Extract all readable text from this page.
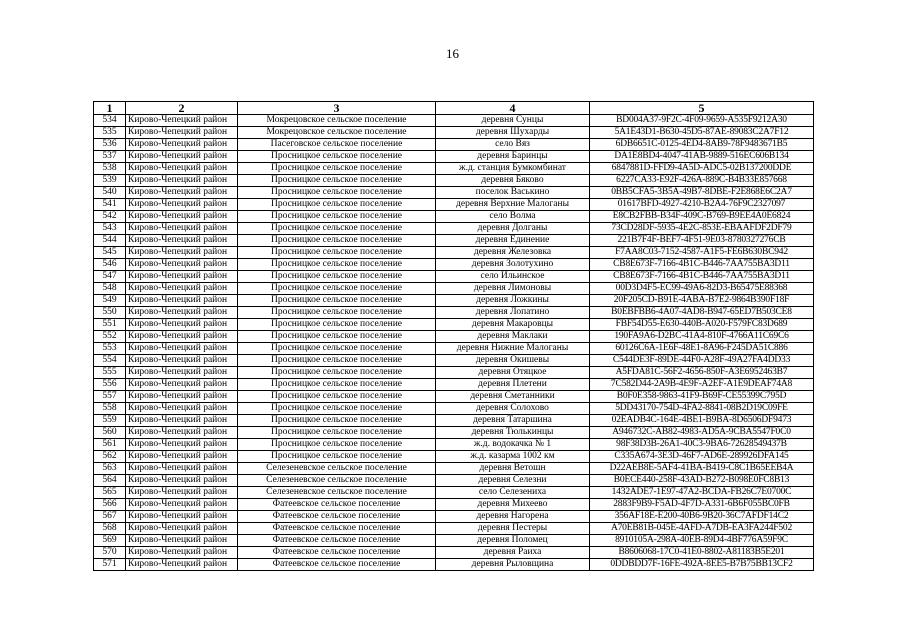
16
1	2	3	4	5
534	Кирово-Чепецкий район	Мокрецовское сельское поселение	деревня Сунцы	BD004A37-9F2C-4F09-9659-A535F9212A30
535	Кирово-Чепецкий район	Мокрецовское сельское поселение	деревня Шухарды	5A1E43D1-B630-45D5-87AE-89083C2A7F12
536	Кирово-Чепецкий район	Пасеговское сельское поселение	село Вяз	6DB6651C-0125-4ED4-8AB9-78F9483671B5
537	Кирово-Чепецкий район	Просницкое сельское поселение	деревня Баринцы	DA1E8BD4-4047-41AB-9889-516EC606B134
538	Кирово-Чепецкий район	Просницкое сельское поселение	ж.д. станция Бумкомбинат	6847881D-FFD9-4A5D-ADC5-02B137200DDE
539	Кирово-Чепецкий район	Просницкое сельское поселение	деревня Бяково	6227CA33-E92F-426A-889C-B4B33E857668
540	Кирово-Чепецкий район	Просницкое сельское поселение	поселок Васькино	0BB5CFA5-3B5A-49B7-8DBE-F2E868E6C2A7
541	Кирово-Чепецкий район	Просницкое сельское поселение	деревня Верхние Малоганы	01617BFD-4927-4210-B2A4-76F9C2327097
542	Кирово-Чепецкий район	Просницкое сельское поселение	село Волма	E8CB2FBB-B34F-409C-B769-B9EE4A0E6824
543	Кирово-Чепецкий район	Просницкое сельское поселение	деревня Долганы	73CD28DF-5935-4E2C-853E-EBAAFDF2DF79
544	Кирово-Чепецкий район	Просницкое сельское поселение	деревня Единение	221B7F4F-BEF7-4F51-9E03-8780327276CB
545	Кирово-Чепецкий район	Просницкое сельское поселение	деревня Железовка	F7AA8C03-7152-4587-A1F5-FE6B630BC942
546	Кирово-Чепецкий район	Просницкое сельское поселение	деревня Золотухино	CB8E673F-7166-4B1C-B446-7AA755BA3D11
547	Кирово-Чепецкий район	Просницкое сельское поселение	село Ильинское	CB8E673F-7166-4B1C-B446-7AA755BA3D11
548	Кирово-Чепецкий район	Просницкое сельское поселение	деревня Лимоновы	00D3D4F5-EC99-49A6-82D3-B65475E88368
549	Кирово-Чепецкий район	Просницкое сельское поселение	деревня Ложкины	20F205CD-B91E-4ABA-B7E2-9864B390F18F
550	Кирово-Чепецкий район	Просницкое сельское поселение	деревня Лопатино	B0EBFBB6-4A07-4AD8-B947-65ED7B503CE8
551	Кирово-Чепецкий район	Просницкое сельское поселение	деревня Макаровцы	FBF54D55-E630-440B-A020-F579FC83D689
552	Кирово-Чепецкий район	Просницкое сельское поселение	деревня Маклаки	190FA9A6-D2BC-41A4-810F-4766A11C69C6
553	Кирово-Чепецкий район	Просницкое сельское поселение	деревня Нижние Малоганы	60126C6A-1E6F-48E1-8A96-F245DA51C886
554	Кирово-Чепецкий район	Просницкое сельское поселение	деревня Окишевы	C544DE3F-89DE-44F0-A28F-49A27FA4DD33
555	Кирово-Чепецкий район	Просницкое сельское поселение	деревня Отяцкое	A5FDA81C-56F2-4656-850F-A3E6952463B7
556	Кирово-Чепецкий район	Просницкое сельское поселение	деревня Плетени	7C582D44-2A9B-4E9F-A2EF-A1E9DEAF74A8
557	Кирово-Чепецкий район	Просницкое сельское поселение	деревня Сметанники	B0F0E358-9863-41F9-B69F-CE55399C795D
558	Кирово-Чепецкий район	Просницкое сельское поселение	деревня Солохово	5DD43170-754D-4FA2-8841-08B2D19C09FE
559	Кирово-Чепецкий район	Просницкое сельское поселение	деревня Татаршина	02EADB4C-164E-4BE1-B9BA-8D6506DF9473
560	Кирово-Чепецкий район	Просницкое сельское поселение	деревня Тюлькинцы	A946732C-AB82-4983-AD5A-9CBA5547F0C0
561	Кирово-Чепецкий район	Просницкое сельское поселение	ж.д. водокачка № 1	98F38D3B-26A1-40C3-9BA6-72628549437B
562	Кирово-Чепецкий район	Просницкое сельское поселение	ж.д. казарма 1002 км	C335A674-3E3D-46F7-AD6E-289926DFA145
563	Кирово-Чепецкий район	Селезеневское сельское поселение	деревня Ветошн	D22AEB8E-5AF4-41BA-B419-C8C1B65EEB4A
564	Кирово-Чепецкий район	Селезеневское сельское поселение	деревня Селезни	B0ECE440-258F-43AD-B272-B098E0FC8B13
565	Кирово-Чепецкий район	Селезеневское сельское поселение	село Селезениха	1432ADE7-1E97-47A2-BCDA-FB26C7E0700C
566	Кирово-Чепецкий район	Фатеевское сельское поселение	деревня Михеево	2883F9B9-F5AD-4F7D-A331-6B6F055BC0FB
567	Кирово-Чепецкий район	Фатеевское сельское поселение	деревня Нагорена	356AF18E-E200-40B6-9B20-36C7AFDF14C2
568	Кирово-Чепецкий район	Фатеевское сельское поселение	деревня Пестеры	A70EB81B-045E-4AFD-A7DB-EA3FA244F502
569	Кирово-Чепецкий район	Фатеевское сельское поселение	деревня Поломец	8910105A-298A-40EB-89D4-4BF776A59F9C
570	Кирово-Чепецкий район	Фатеевское сельское поселение	деревня Раиха	B8606068-17C0-41E0-8802-A81183B5E201
571	Кирово-Чепецкий район	Фатеевское сельское поселение	деревня Рыловщина	0DDBDD7F-16FE-492A-8EE5-B7B75BB13CF2
